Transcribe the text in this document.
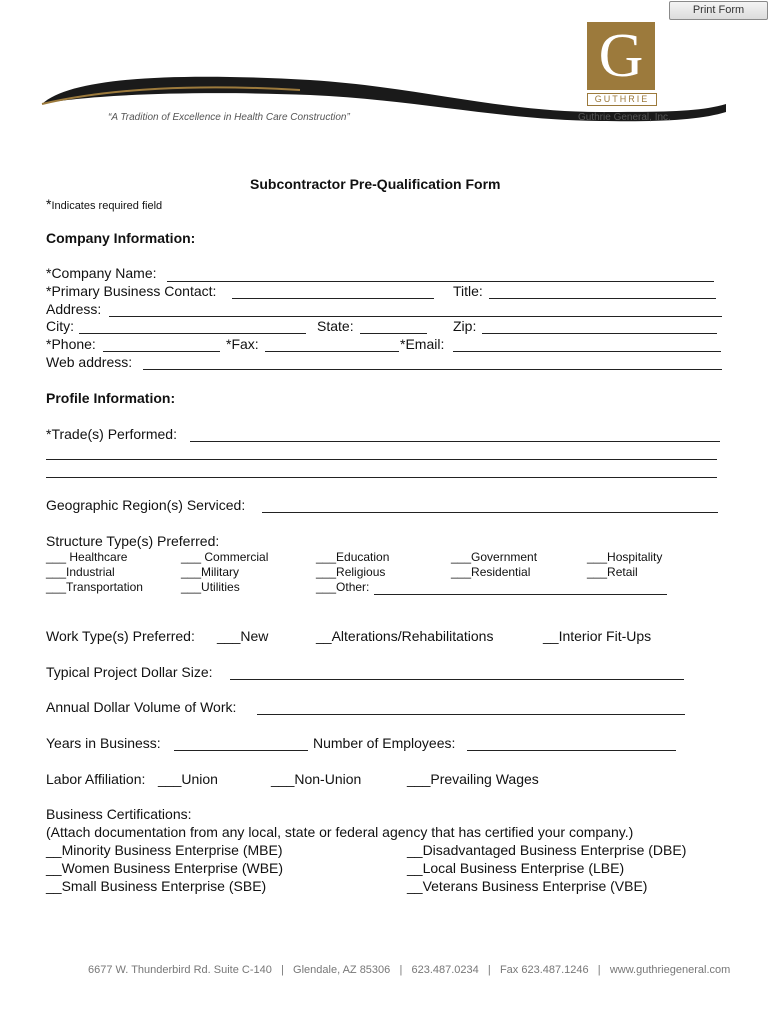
Print Form
G
GUTHRIE
“A Tradition of Excellence in Health Care Construction”	Guthrie General, Inc.
Subcontractor Pre-Qualification Form
*Indicates required field
Company Information:
*Company Name:
*Primary Business Contact:	Title:
Address:
City:	State:	Zip:
*Phone:	*Fax:	*Email:
Web address:
Profile Information:
*Trade(s) Performed:
Geographic Region(s) Serviced:
Structure Type(s) Preferred:
___ Healthcare	___ Commercial	___Education	___Government	___Hospitality
___Industrial	___Military	___Religious	___Residential	___Retail
___Transportation	___Utilities	___Other:
Work Type(s) Preferred: ___New	__Alterations/Rehabilitations	__Interior Fit-Ups
Typical Project Dollar Size:
Annual Dollar Volume of Work:
Years in Business:	Number of Employees:
Labor Affiliation: ___Union	___Non-Union	___Prevailing Wages
Business Certifications:
(Attach documentation from any local, state or federal agency that has certified your company.)
__Minority Business Enterprise (MBE)	__Disadvantaged Business Enterprise (DBE)
__Women Business Enterprise (WBE)	__Local Business Enterprise (LBE)
__Small Business Enterprise (SBE)	__Veterans Business Enterprise (VBE)
6677 W. Thunderbird Rd. Suite C-140   |   Glendale, AZ 85306   |   623.487.0234   |   Fax 623.487.1246   |   www.guthriegeneral.com
